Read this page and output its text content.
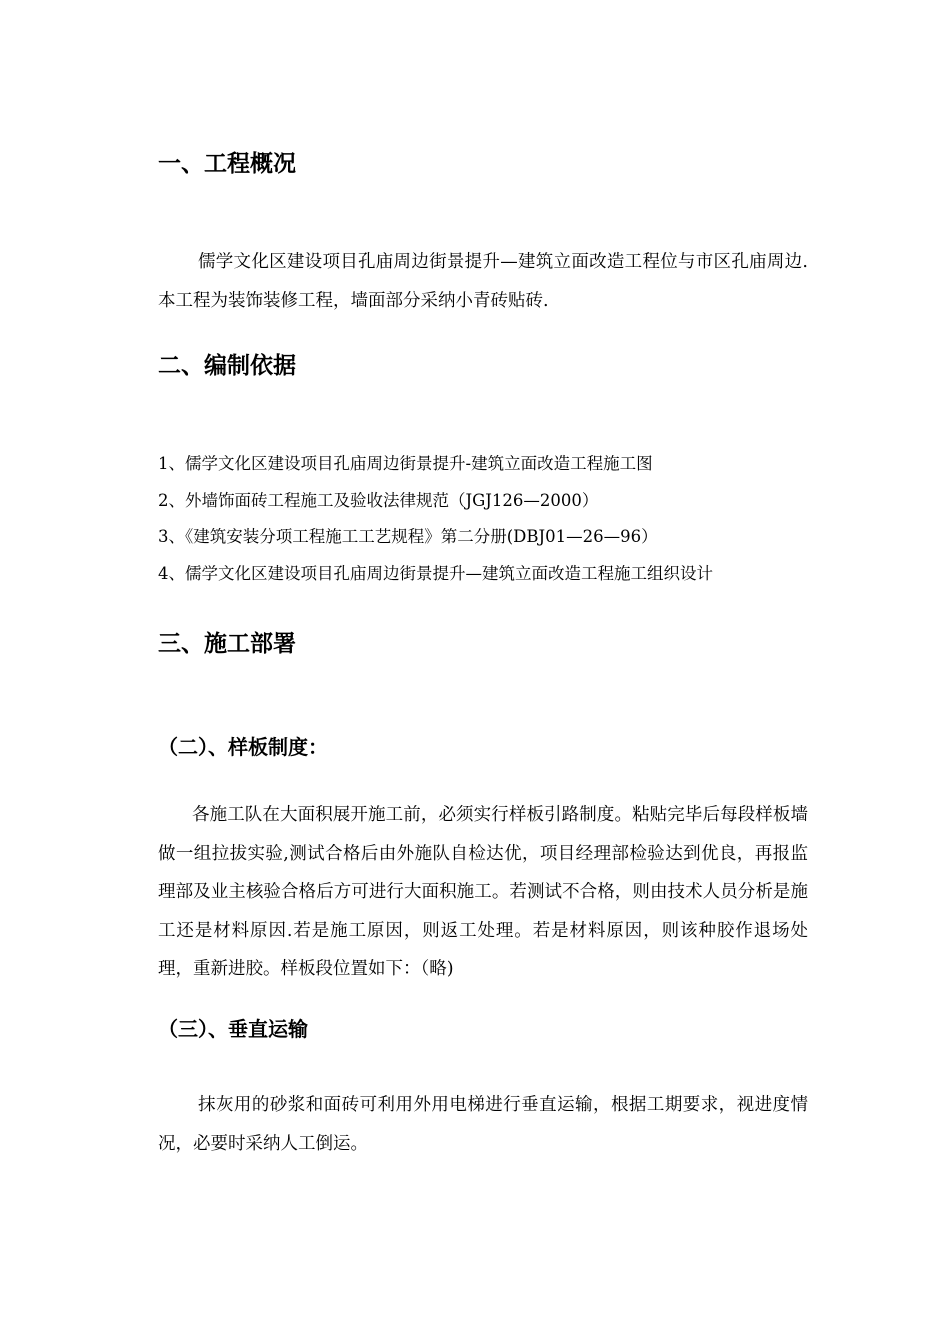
一、工程概况

儒学文化区建设项目孔庙周边街景提升—建筑立面改造工程位与市区孔庙周边.本工程为装饰装修工程，墙面部分采纳小青砖贴砖.

二、编制依据
1、儒学文化区建设项目孔庙周边街景提升-建筑立面改造工程施工图
2、外墙饰面砖工程施工及验收法律规范（JGJ126—2000）
3、《建筑安装分项工程施工工艺规程》第二分册(DBJ01—26—96）
4、儒学文化区建设项目孔庙周边街景提升—建筑立面改造工程施工组织设计
三、施工部署
（二）、样板制度：

各施工队在大面积展开施工前，必须实行样板引路制度。粘贴完毕后每段样板墙做一组拉拔实验,测试合格后由外施队自检达优，项目经理部检验达到优良，再报监理部及业主核验合格后方可进行大面积施工。若测试不合格，则由技术人员分析是施工还是材料原因.若是施工原因，则返工处理。若是材料原因，则该种胶作退场处理，重新进胶。样板段位置如下：（略)

（三）、垂直运输

抹灰用的砂浆和面砖可利用外用电梯进行垂直运输，根据工期要求，视进度情况，必要时采纳人工倒运。
